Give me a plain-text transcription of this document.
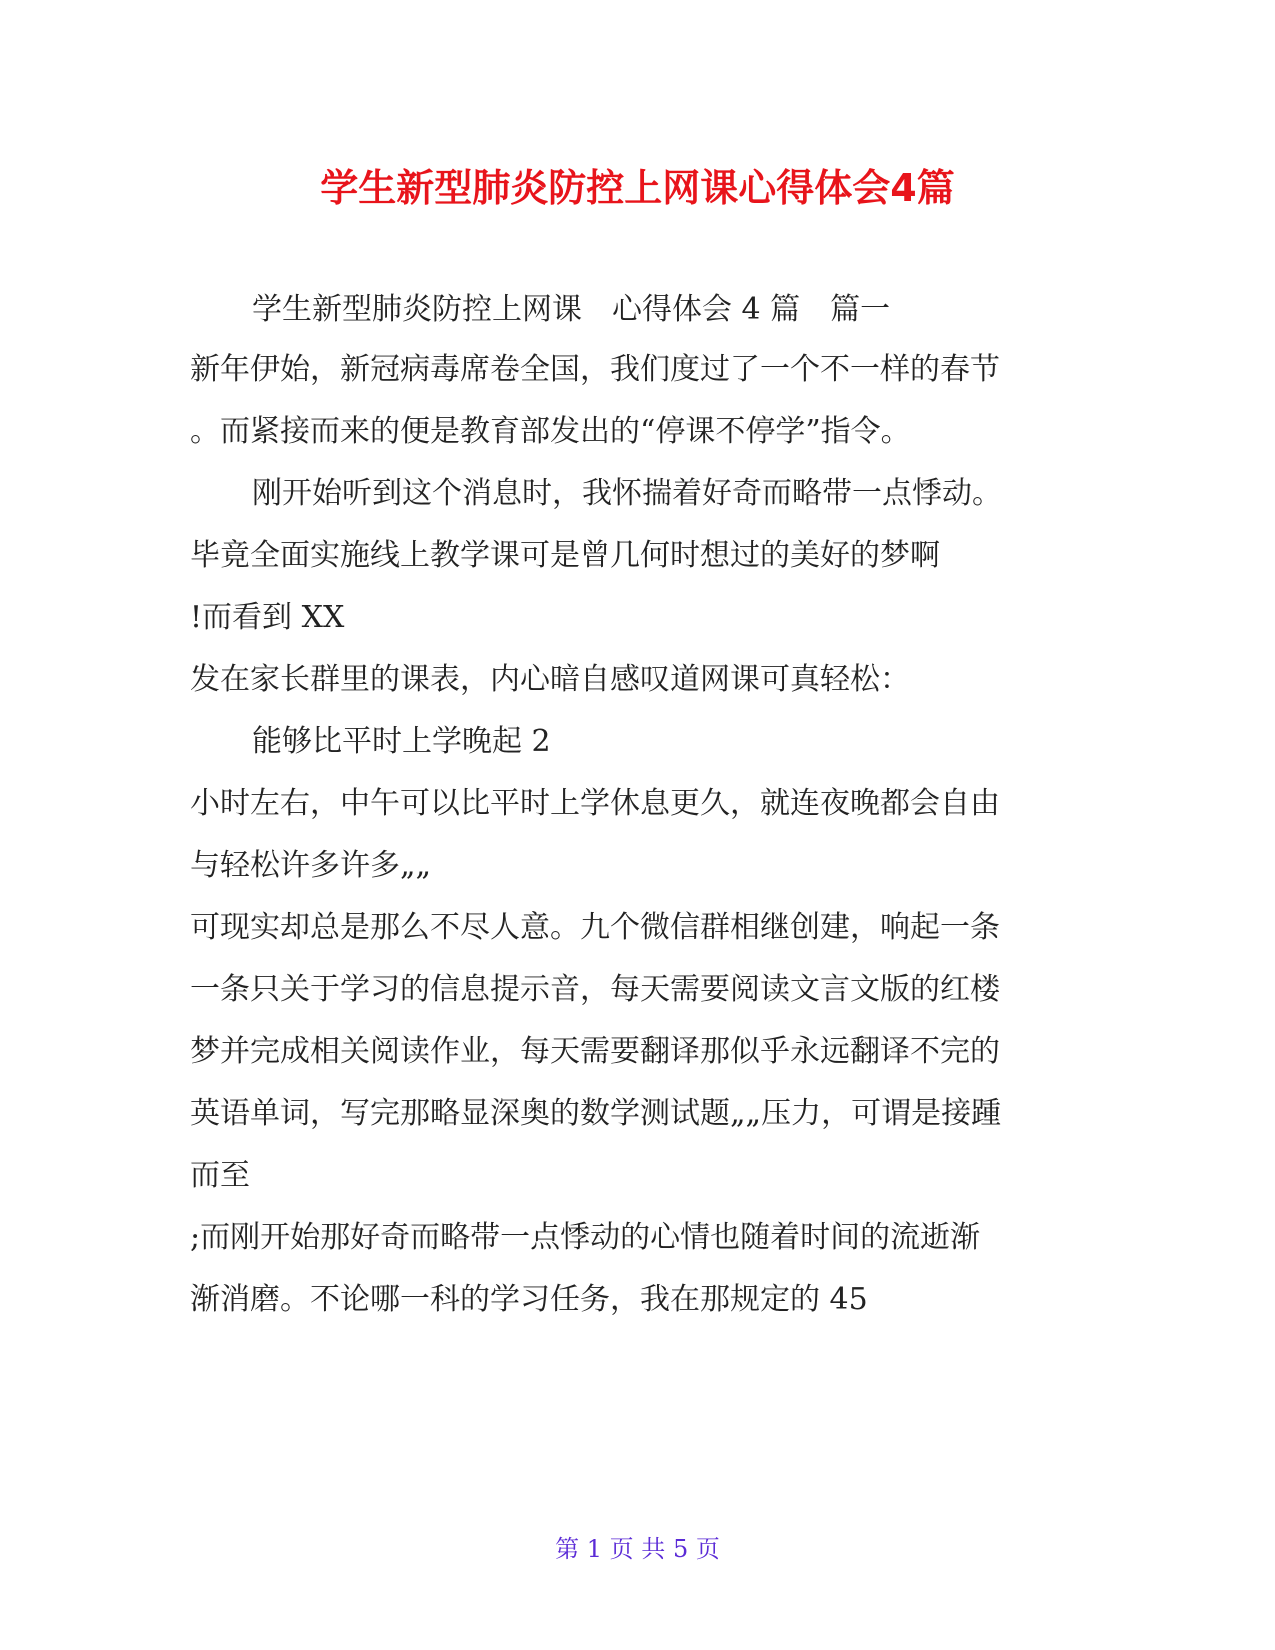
学生新型肺炎防控上网课心得体会4篇

学生新型肺炎防控上网课　心得体会 4 篇　篇一

新年伊始，新冠病毒席卷全国，我们度过了一个不一样的春节

。而紧接而来的便是教育部发出的“停课不停学”指令。

刚开始听到这个消息时，我怀揣着好奇而略带一点悸动。

毕竟全面实施线上教学课可是曾几何时想过的美好的梦啊

!而看到 XX

发在家长群里的课表，内心暗自感叹道网课可真轻松：

能够比平时上学晚起 2

小时左右，中午可以比平时上学休息更久，就连夜晚都会自由

与轻松许多许多„„

可现实却总是那么不尽人意。九个微信群相继创建，响起一条

一条只关于学习的信息提示音，每天需要阅读文言文版的红楼

梦并完成相关阅读作业，每天需要翻译那似乎永远翻译不完的

英语单词，写完那略显深奥的数学测试题„„压力，可谓是接踵

而至

;而刚开始那好奇而略带一点悸动的心情也随着时间的流逝渐

渐消磨。不论哪一科的学习任务，我在那规定的 45

第 1 页 共 5 页
